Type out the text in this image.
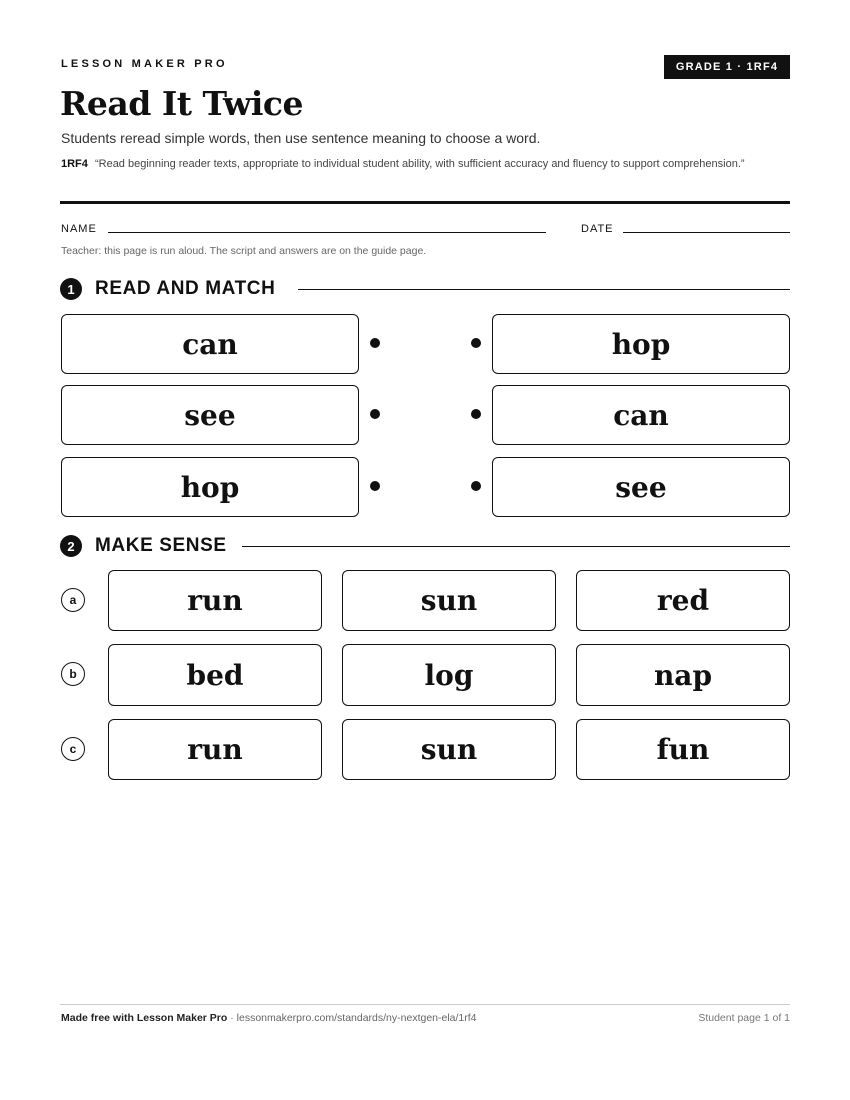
LESSON MAKER PRO	GRADE 1 · 1RF4
Read It Twice
Students reread simple words, then use sentence meaning to choose a word.
1RF4 “Read beginning reader texts, appropriate to individual student ability, with sufficient accuracy and fluency to support comprehension.”
NAME	DATE
Teacher: this page is run aloud. The script and answers are on the guide page.
1	READ AND MATCH
can	hop
see	can
hop	see
2	MAKE SENSE
a	run	sun	red
b	bed	log	nap
c	run	sun	fun
Made free with Lesson Maker Pro · lessonmakerpro.com/standards/ny-nextgen-ela/1rf4	Student page 1 of 1
